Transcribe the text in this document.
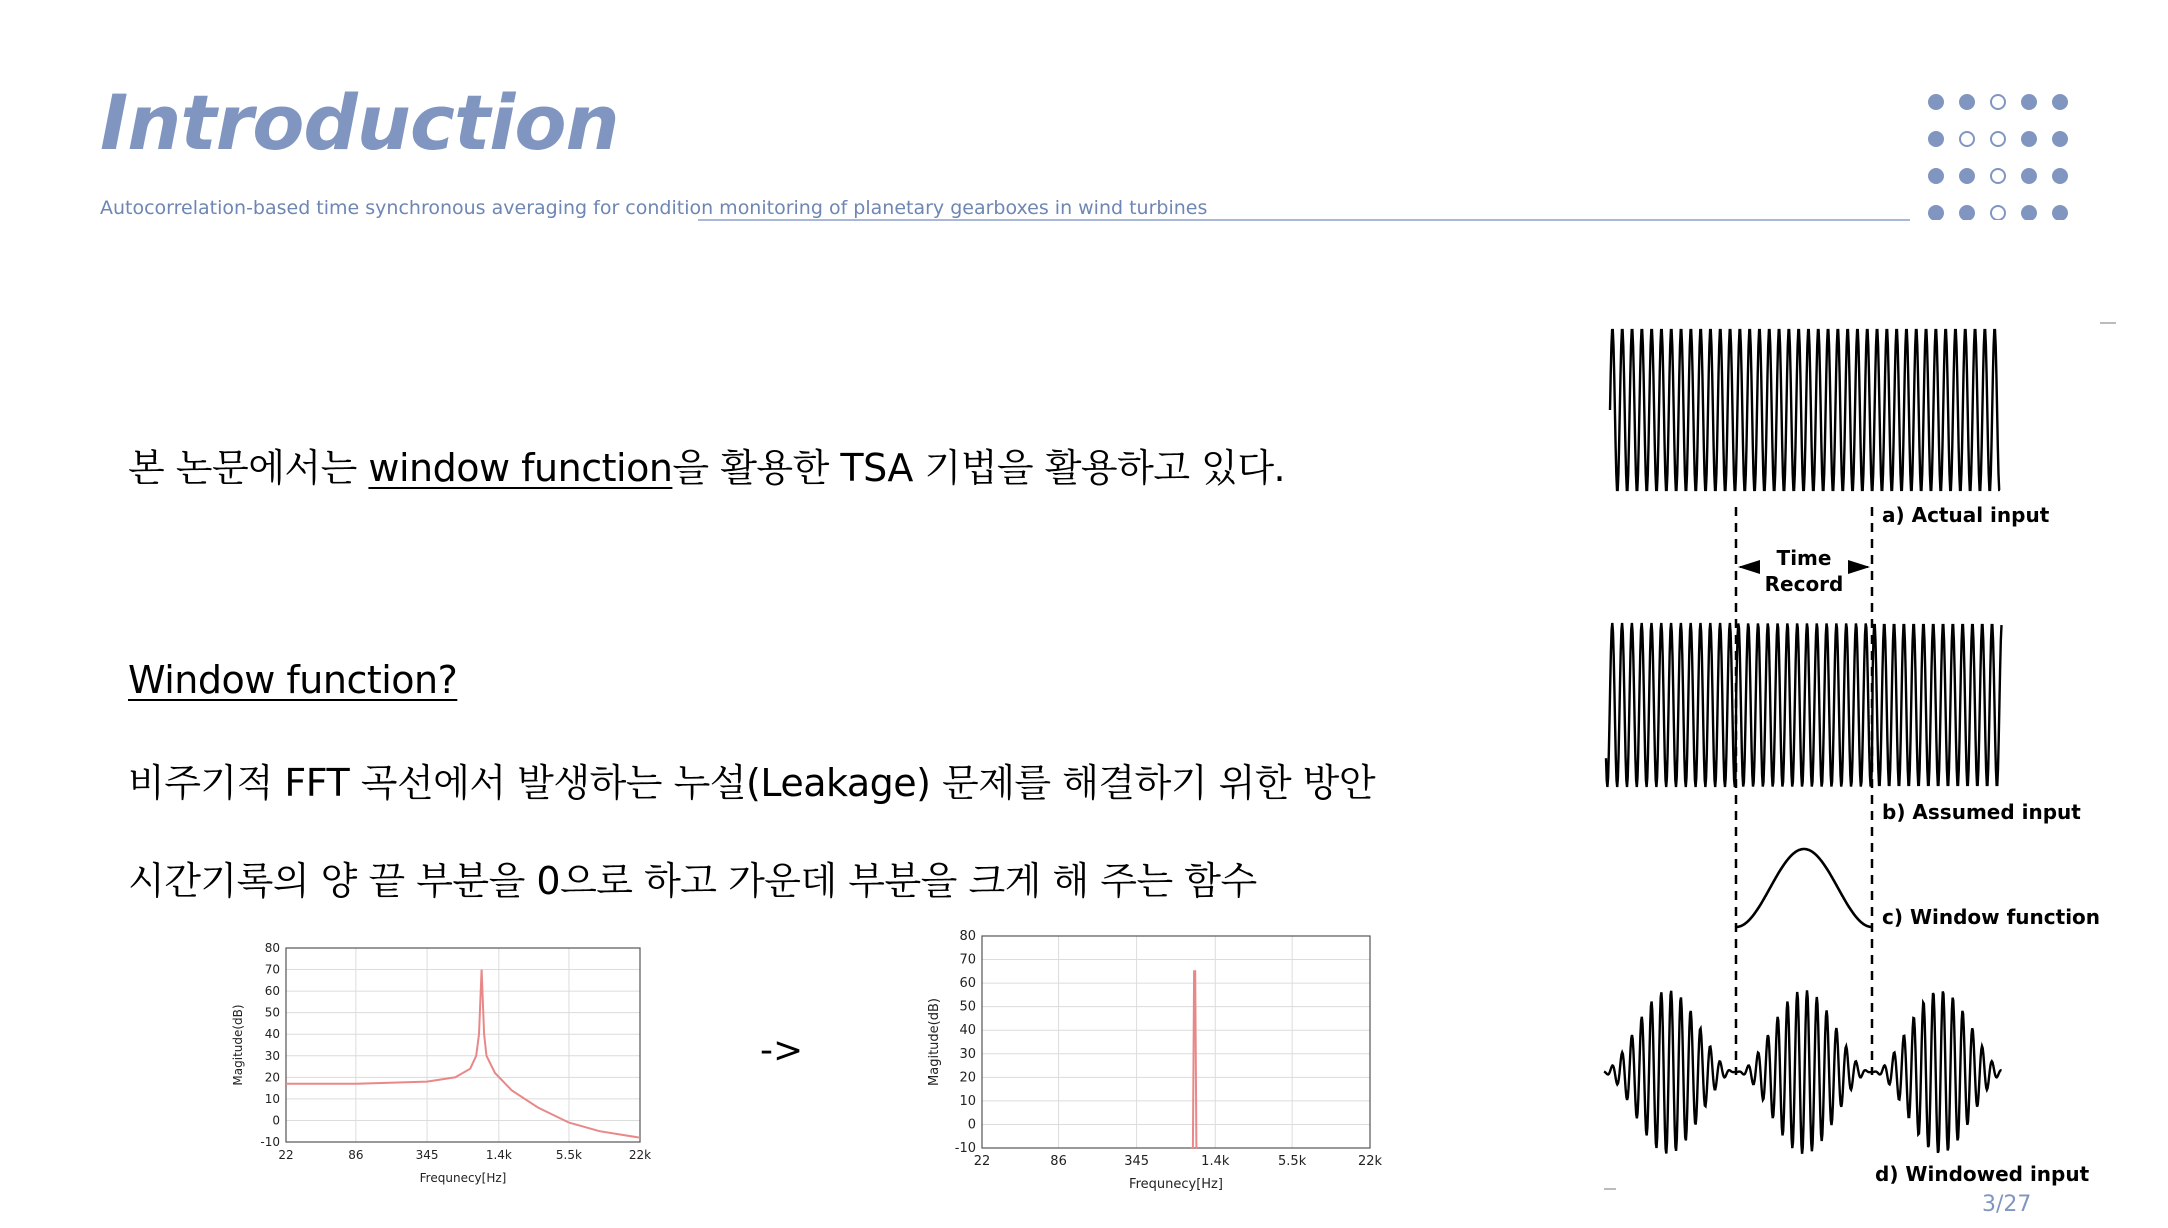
Introduction
Autocorrelation-based time synchronous averaging for condition monitoring of planetary gearboxes in wind turbines
본 논문에서는 window function을 활용한 TSA 기법을 활용하고 있다.
Window function?
비주기적 FFT 곡선에서 발생하는 누설(Leakage) 문제를 해결하기 위한 방안
시간기록의 양 끝 부분을 0으로 하고 가운데 부분을 크게 해 주는 함수
-10
0
10
20
30
40
50
60
70
80
22	86	345	1.4k	5.5k	22k
Frequnecy[Hz]
Magitude(dB)	->
-10
0
10
20
30
40
50
60
70
80
22	86	345	1.4k	5.5k	22k
Frequnecy[Hz]
Magitude(dB)
Time
Record
a) Actual input
b) Assumed input
c) Window function
d) Windowed input
3/27
